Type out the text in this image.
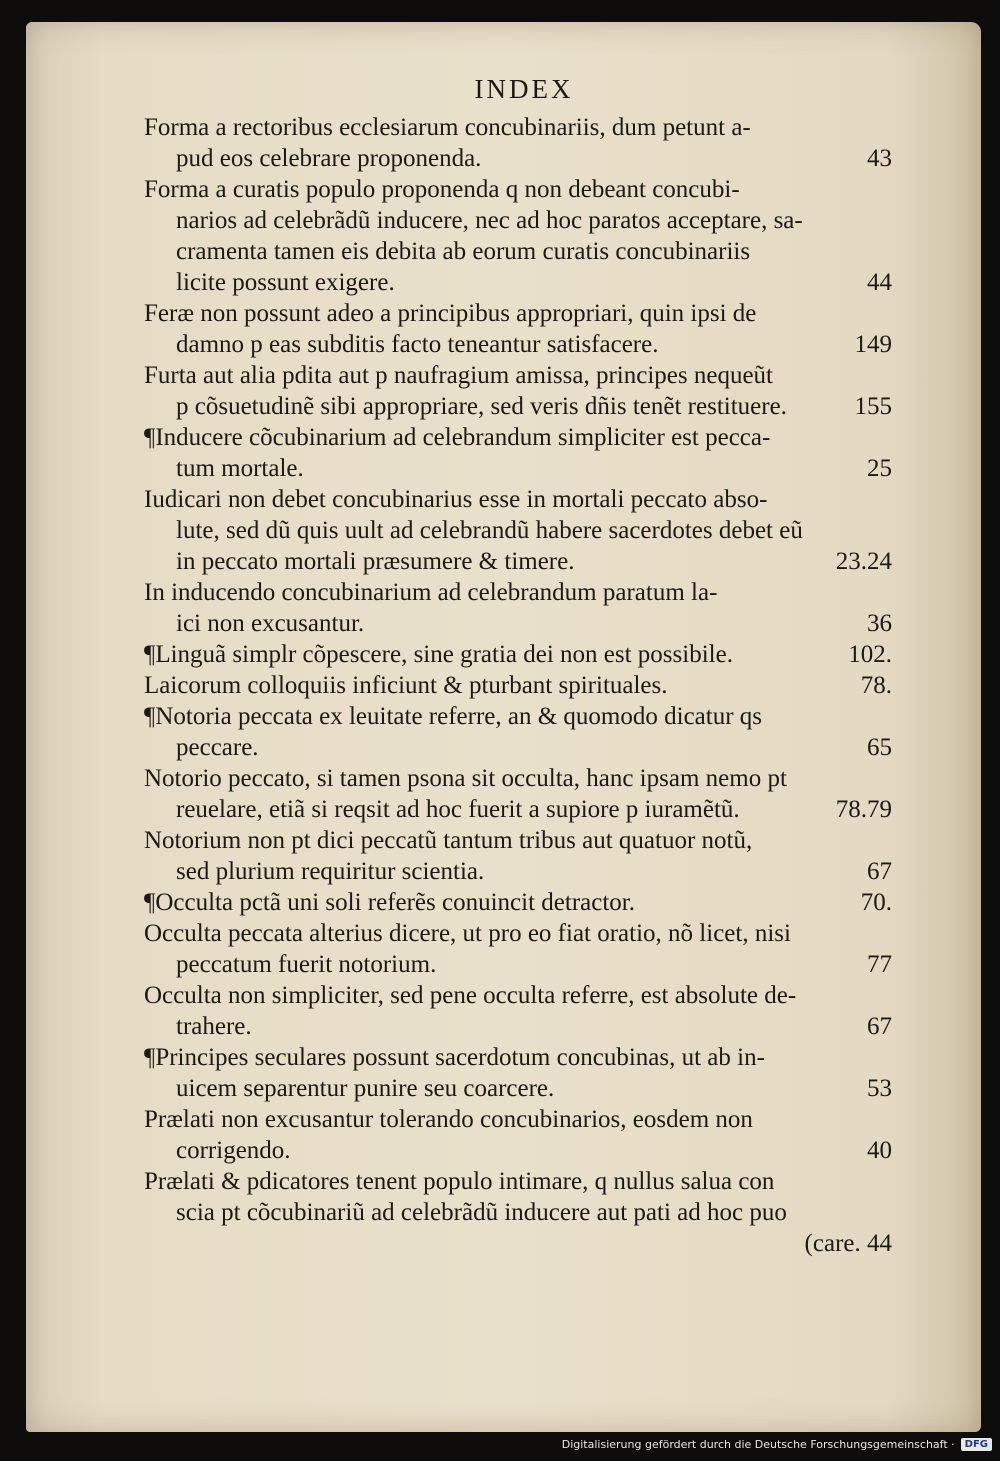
INDEX
Forma a rectoribus ecclesiarum concubinariis, dum petunt a-
pud eos celebrare proponenda.	43
Forma a curatis populo proponenda q non debeant concubi-
narios ad celebrãdũ inducere, nec ad hoc paratos acceptare, sa-
cramenta tamen eis debita ab eorum curatis concubinariis
licite possunt exigere.	44
Feræ non possunt adeo a principibus appropriari, quin ipsi de
damno p eas subditis facto teneantur satisfacere.	149
Furta aut alia pdita aut p naufragium amissa, principes nequeũt
p cõsuetudinẽ sibi appropriare, sed veris dñis tenẽt restituere.	155
¶Inducere cõcubinarium ad celebrandum simpliciter est pecca-
tum mortale.	25
Iudicari non debet concubinarius esse in mortali peccato abso-
lute, sed dũ quis uult ad celebrandũ habere sacerdotes debet eũ
in peccato mortali præsumere & timere.	23.24
In inducendo concubinarium ad celebrandum paratum la-
ici non excusantur.	36
¶Linguã simplr cõpescere, sine gratia dei non est possibile.	102.
Laicorum colloquiis inficiunt & pturbant spirituales.	78.
¶Notoria peccata ex leuitate referre, an & quomodo dicatur qs
peccare.	65
Notorio peccato, si tamen psona sit occulta, hanc ipsam nemo pt
reuelare, etiã si reqsit ad hoc fuerit a supiore p iuramẽtũ.	78.79
Notorium non pt dici peccatũ tantum tribus aut quatuor notũ,
sed plurium requiritur scientia.	67
¶Occulta pctã uni soli referẽs conuincit detractor.	70.
Occulta peccata alterius dicere, ut pro eo fiat oratio, nõ licet, nisi
peccatum fuerit notorium.	77
Occulta non simpliciter, sed pene occulta referre, est absolute de-
trahere.	67
¶Principes seculares possunt sacerdotum concubinas, ut ab in-
uicem separentur punire seu coarcere.	53
Prælati non excusantur tolerando concubinarios, eosdem non
corrigendo.	40
Prælati & pdicatores tenent populo intimare, q nullus salua con
scia pt cõcubinariũ ad celebrãdũ inducere aut pati ad hoc puo
(care. 44
Digitalisierung gefördert durch die Deutsche Forschungsgemeinschaft ·	DFG
